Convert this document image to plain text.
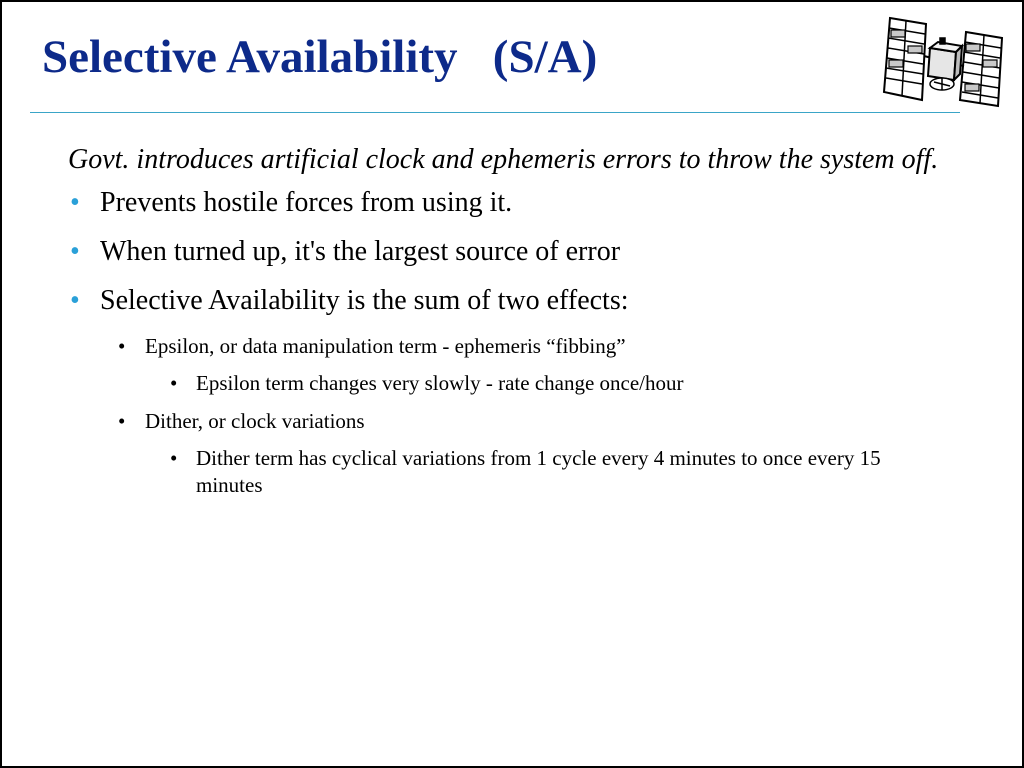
Selective Availability   (S/A)

Govt. introduces artificial clock and ephemeris errors to throw the system off.

• Prevents hostile forces from using it.
• When turned up, it's the largest source of error
• Selective Availability is the sum of two effects:
• Epsilon, or data manipulation term - ephemeris “fibbing”
• Epsilon term changes very slowly - rate change once/hour
• Dither, or clock variations
• Dither term has cyclical variations from 1 cycle every 4 minutes to once every 15 minutes
